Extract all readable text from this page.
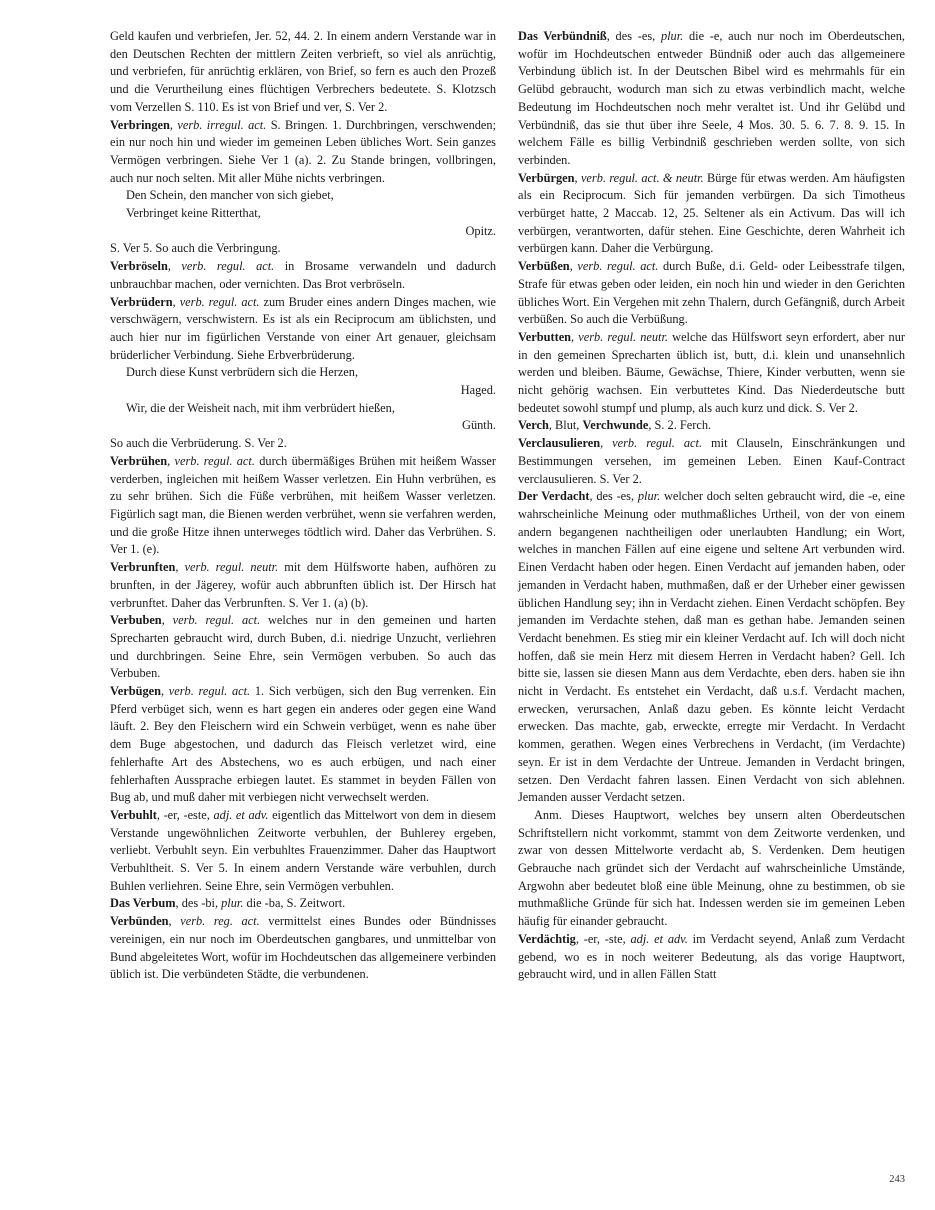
Geld kaufen und verbriefen, Jer. 52, 44. 2. In einem andern Verstande war in den Deutschen Rechten der mittlern Zeiten verbrieft, so viel als anrüchtig, und verbriefen, für anrüchtig erklären, von Brief, so fern es auch den Prozeß und die Verurtheilung eines flüchtigen Verbrechers bedeutete. S. Klotzsch vom Verzellen S. 110. Es ist von Brief und ver, S. Ver 2.

Verbringen, verb. irregul. act. S. Bringen. 1. Durchbringen, verschwenden; ein nur noch hin und wieder im gemeinen Leben übliches Wort. Sein ganzes Vermögen verbringen. Siehe Ver 1 (a). 2. Zu Stande bringen, vollbringen, auch nur noch selten. Mit aller Mühe nichts verbringen.

Den Schein, den mancher von sich giebet,

Verbringet keine Ritterthat,

Opitz.

S. Ver 5. So auch die Verbringung.

Verbröseln, verb. regul. act. in Brosame verwandeln und dadurch unbrauchbar machen, oder vernichten. Das Brot verbröseln.

Verbrüdern, verb. regul. act. zum Bruder eines andern Dinges machen, wie verschwägern, verschwistern. Es ist als ein Reciprocum am üblichsten, und auch hier nur im figürlichen Verstande von einer Art genauer, gleichsam brüderlicher Verbindung. Siehe Erbverbrüderung.

Durch diese Kunst verbrüdern sich die Herzen,

Haged.

Wir, die der Weisheit nach, mit ihm verbrüdert hießen,

Günth.

So auch die Verbrüderung. S. Ver 2.

Verbrühen, verb. regul. act. durch übermäßiges Brühen mit heißem Wasser verderben, ingleichen mit heißem Wasser verletzen. Ein Huhn verbrühen, es zu sehr brühen. Sich die Füße verbrühen, mit heißem Wasser verletzen. Figürlich sagt man, die Bienen werden verbrühet, wenn sie verfahren werden, und die große Hitze ihnen unterweges tödtlich wird. Daher das Verbrühen. S. Ver 1. (e).

Verbrunften, verb. regul. neutr. mit dem Hülfsworte haben, aufhören zu brunften, in der Jägerey, wofür auch abbrunften üblich ist. Der Hirsch hat verbrunftet. Daher das Verbrunften. S. Ver 1. (a) (b).

Verbuben, verb. regul. act. welches nur in den gemeinen und harten Sprecharten gebraucht wird, durch Buben, d.i. niedrige Unzucht, verliehren und durchbringen. Seine Ehre, sein Vermögen verbuben. So auch das Verbuben.

Verbügen, verb. regul. act. 1. Sich verbügen, sich den Bug verrenken. Ein Pferd verbüget sich, wenn es hart gegen ein anderes oder gegen eine Wand läuft. 2. Bey den Fleischern wird ein Schwein verbüget, wenn es nahe über dem Buge abgestochen, und dadurch das Fleisch verletzet wird, eine fehlerhafte Art des Abstechens, wo es auch erbügen, und nach einer fehlerhaften Aussprache erbiegen lautet. Es stammet in beyden Fällen von Bug ab, und muß daher mit verbiegen nicht verwechselt werden.

Verbuhlt, -er, -este, adj. et adv. eigentlich das Mittelwort von dem in diesem Verstande ungewöhnlichen Zeitworte verbuhlen, der Buhlerey ergeben, verliebt. Verbuhlt seyn. Ein verbuhltes Frauenzimmer. Daher das Hauptwort Verbuhltheit. S. Ver 5. In einem andern Verstande wäre verbuhlen, durch Buhlen verliehren. Seine Ehre, sein Vermögen verbuhlen.

Das Verbum, des -bi, plur. die -ba, S. Zeitwort.

Verbünden, verb. reg. act. vermittelst eines Bundes oder Bündnisses vereinigen, ein nur noch im Oberdeutschen gangbares, und unmittelbar von Bund abgeleitetes Wort, wofür im Hochdeutschen das allgemeinere verbinden üblich ist. Die verbündeten Städte, die verbundenen.

Das Verbündniß, des -es, plur. die -e, auch nur noch im Oberdeutschen, wofür im Hochdeutschen entweder Bündniß oder auch das allgemeinere Verbindung üblich ist. In der Deutschen Bibel wird es mehrmahls für ein Gelübd gebraucht, wodurch man sich zu etwas verbindlich macht, welche Bedeutung im Hochdeutschen noch mehr veraltet ist. Und ihr Gelübd und Verbündniß, das sie thut über ihre Seele, 4 Mos. 30. 5. 6. 7. 8. 9. 15. In welchem Fälle es billig Verbindniß geschrieben werden sollte, von sich verbinden.

Verbürgen, verb. regul. act. & neutr. Bürge für etwas werden. Am häufigsten als ein Reciprocum. Sich für jemanden verbürgen. Da sich Timotheus verbürget hatte, 2 Maccab. 12, 25. Seltener als ein Activum. Das will ich verbürgen, verantworten, dafür stehen. Eine Geschichte, deren Wahrheit ich verbürgen kann. Daher die Verbürgung.

Verbüßen, verb. regul. act. durch Buße, d.i. Geld- oder Leibesstrafe tilgen, Strafe für etwas geben oder leiden, ein noch hin und wieder in den Gerichten übliches Wort. Ein Vergehen mit zehn Thalern, durch Gefängniß, durch Arbeit verbüßen. So auch die Verbüßung.

Verbutten, verb. regul. neutr. welche das Hülfswort seyn erfordert, aber nur in den gemeinen Sprecharten üblich ist, butt, d.i. klein und unansehnlich werden und bleiben. Bäume, Gewächse, Thiere, Kinder verbutten, wenn sie nicht gehörig wachsen. Ein verbuttetes Kind. Das Niederdeutsche butt bedeutet sowohl stumpf und plump, als auch kurz und dick. S. Ver 2.

Verch, Blut, Verchwunde, S. 2. Ferch.

Verclausulieren, verb. regul. act. mit Clauseln, Einschränkungen und Bestimmungen versehen, im gemeinen Leben. Einen Kauf-Contract verclausulieren. S. Ver 2.

Der Verdacht, des -es, plur. welcher doch selten gebraucht wird, die -e, eine wahrscheinliche Meinung oder muthmaßliches Urtheil, von der von einem andern begangenen nachtheiligen oder unerlaubten Handlung; ein Wort, welches in manchen Fällen auf eine eigene und seltene Art verbunden wird. Einen Verdacht haben oder hegen. Einen Verdacht auf jemanden haben, oder jemanden in Verdacht haben, muthmaßen, daß er der Urheber einer gewissen üblichen Handlung sey; ihn in Verdacht ziehen. Einen Verdacht schöpfen. Bey jemanden im Verdachte stehen, daß man es gethan habe. Jemanden seinen Verdacht benehmen. Es stieg mir ein kleiner Verdacht auf. Ich will doch nicht hoffen, daß sie mein Herz mit diesem Herren in Verdacht haben? Gell. Ich bitte sie, lassen sie diesen Mann aus dem Verdachte, eben ders. haben sie ihn nicht in Verdacht. Es entstehet ein Verdacht, daß u.s.f. Verdacht machen, erwecken, verursachen, Anlaß dazu geben. Es könnte leicht Verdacht erwecken. Das machte, gab, erweckte, erregte mir Verdacht. In Verdacht kommen, gerathen. Wegen eines Verbrechens in Verdacht, (im Verdachte) seyn. Er ist in dem Verdachte der Untreue. Jemanden in Verdacht bringen, setzen. Den Verdacht fahren lassen. Einen Verdacht von sich ablehnen. Jemanden ausser Verdacht setzen.

Anm. Dieses Hauptwort, welches bey unsern alten Oberdeutschen Schriftstellern nicht vorkommt, stammt von dem Zeitworte verdenken, und zwar von dessen Mittelworte verdacht ab, S. Verdenken. Dem heutigen Gebrauche nach gründet sich der Verdacht auf wahrscheinliche Umstände, Argwohn aber bedeutet bloß eine üble Meinung, ohne zu bestimmen, ob sie muthmaßliche Gründe für sich hat. Indessen werden sie im gemeinen Leben häufig für einander gebraucht.

Verdächtig, -er, -ste, adj. et adv. im Verdacht seyend, Anlaß zum Verdacht gebend, wo es in noch weiterer Bedeutung, als das vorige Hauptwort, gebraucht wird, und in allen Fällen Statt

243
